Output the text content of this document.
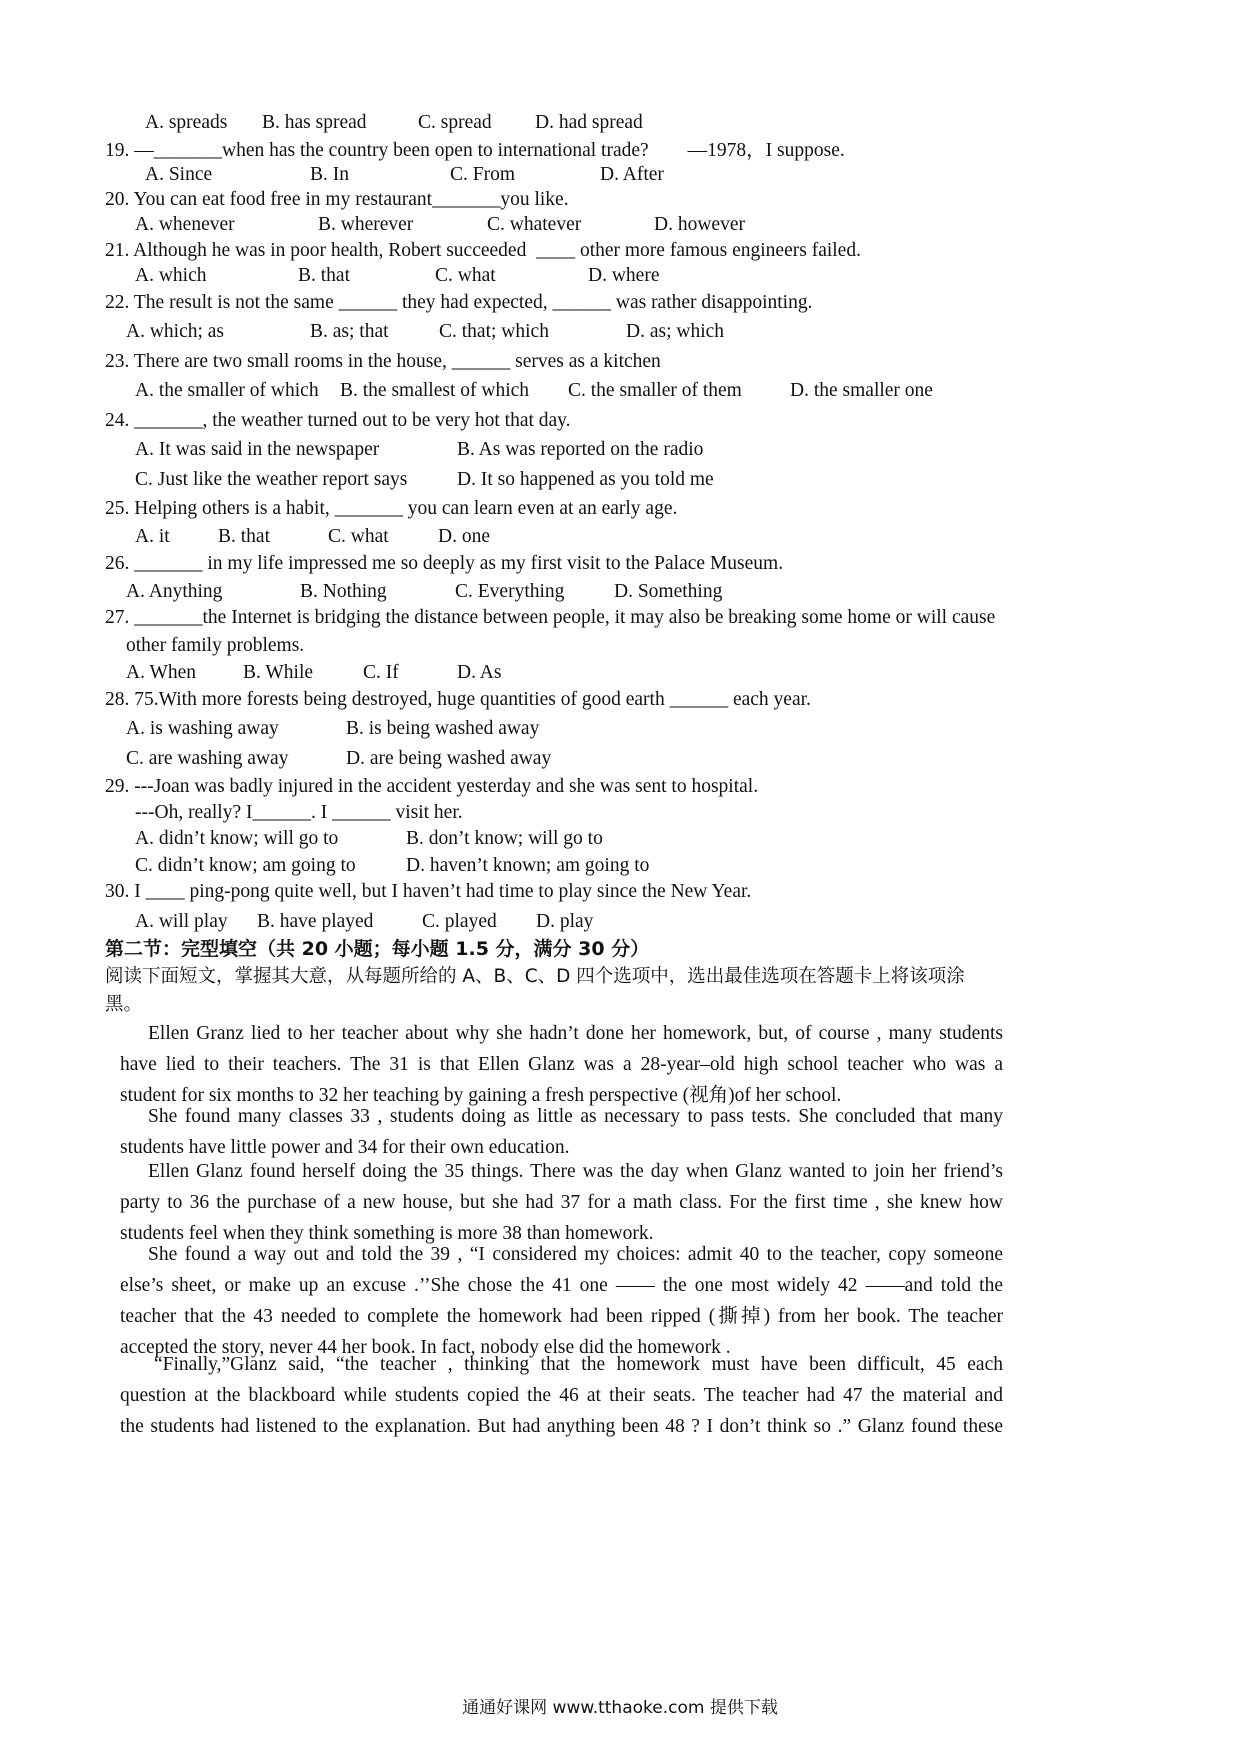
A. spreads B. has spread	C. spread D. had spread
19. —_______when has the country been open to international trade?        —1978，I suppose.
A. Since	B. In	C. From	D. After
20. You can eat food free in my restaurant_______you like.
A. whenever	B. wherever	C. whatever	D. however
21. Although he was in poor health, Robert succeeded  ____ other more famous engineers failed.
A. which	B. that	C. what	D. where
22. The result is not the same ______ they had expected, ______ was rather disappointing.
A. which; as	B. as; that	C. that; which	D. as; which
23. There are two small rooms in the house, ______ serves as a kitchen
A. the smaller of which B. the smallest of which C. the smaller of them D. the smaller one
24. _______, the weather turned out to be very hot that day.
A. It was said in the newspaper	B. As was reported on the radio
C. Just like the weather report says	D. It so happened as you told me
25. Helping others is a habit, _______ you can learn even at an early age.
A. it B. that	C. what	D. one
26. _______ in my life impressed me so deeply as my first visit to the Palace Museum.
A. Anything	B. Nothing	C. Everything	D. Something
27. _______the Internet is bridging the distance between people, it may also be breaking some home or will cause
other family problems.
A. When B. While	C. If	D. As
28. 75.With more forests being destroyed, huge quantities of good earth ______ each year.
A. is washing away	B. is being washed away
C. are washing away	D. are being washed away
29. ---Joan was badly injured in the accident yesterday and she was sent to hospital.
---Oh, really? I______. I ______ visit her.
A. didn’t know; will go to	B. don’t know; will go to
C. didn’t know; am going to	D. haven’t known; am going to
30. I ____ ping-pong quite well, but I haven’t had time to play since the New Year.
A. will play B. have played C. played D. play
第二节：完型填空（共 20 小题；每小题 1.5 分，满分 30 分）
阅读下面短文，掌握其大意，从每题所给的 A、B、C、D 四个选项中，选出最佳选项在答题卡上将该项涂
黑。
Ellen Granz lied to her teacher about why she hadn’t done her homework, but, of course , many students
have lied to their teachers. The 31 is that Ellen Glanz was a 28-year–old high school teacher who was a
student for six months to 32 her teaching by gaining a fresh perspective (视角)of her school.
She found many classes 33 , students doing as little as necessary to pass tests. She concluded that many
students have little power and 34 for their own education.
Ellen Glanz found herself doing the 35 things. There was the day when Glanz wanted to join her friend’s
party to 36 the purchase of a new house, but she had 37 for a math class. For the first time , she knew how
students feel when they think something is more 38 than homework.
She found a way out and told the 39 , “I considered my choices: admit 40 to the teacher, copy someone
else’s sheet, or make up an excuse .’’She chose the 41 one —— the one most widely 42 ——and told the
teacher that the 43 needed to complete the homework had been ripped (撕掉) from her book. The teacher
accepted the story, never 44 her book. In fact, nobody else did the homework .
“Finally,”Glanz said, “the teacher , thinking that the homework must have been difficult, 45 each
question at the blackboard while students copied the 46 at their seats. The teacher had 47 the material and
the students had listened to the explanation. But had anything been 48 ? I don’t think so .” Glanz found these
通通好课网 www.tthaoke.com 提供下载
